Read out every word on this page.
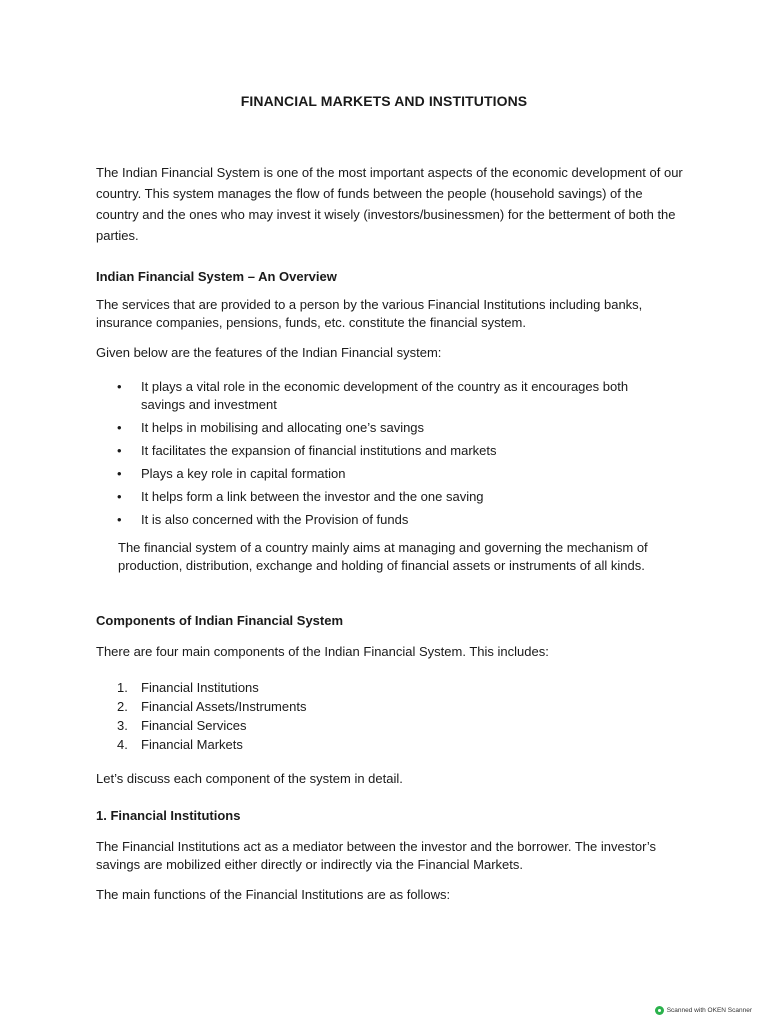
FINANCIAL MARKETS AND INSTITUTIONS

The Indian Financial System is one of the most important aspects of the economic development of our country. This system manages the flow of funds between the people (household savings) of the country and the ones who may invest it wisely (investors/businessmen) for the betterment of both the parties.

Indian Financial System – An Overview

The services that are provided to a person by the various Financial Institutions including banks, insurance companies, pensions, funds, etc. constitute the financial system.

Given below are the features of the Indian Financial system:

• It plays a vital role in the economic development of the country as it encourages both savings and investment
• It helps in mobilising and allocating one’s savings
• It facilitates the expansion of financial institutions and markets
• Plays a key role in capital formation
• It helps form a link between the investor and the one saving
• It is also concerned with the Provision of funds

The financial system of a country mainly aims at managing and governing the mechanism of production, distribution, exchange and holding of financial assets or instruments of all kinds.

Components of Indian Financial System

There are four main components of the Indian Financial System. This includes:

1. Financial Institutions
2. Financial Assets/Instruments
3. Financial Services
4. Financial Markets

Let’s discuss each component of the system in detail.

1. Financial Institutions

The Financial Institutions act as a mediator between the investor and the borrower. The investor’s savings are mobilized either directly or indirectly via the Financial Markets.

The main functions of the Financial Institutions are as follows:

Scanned with OKEN Scanner
